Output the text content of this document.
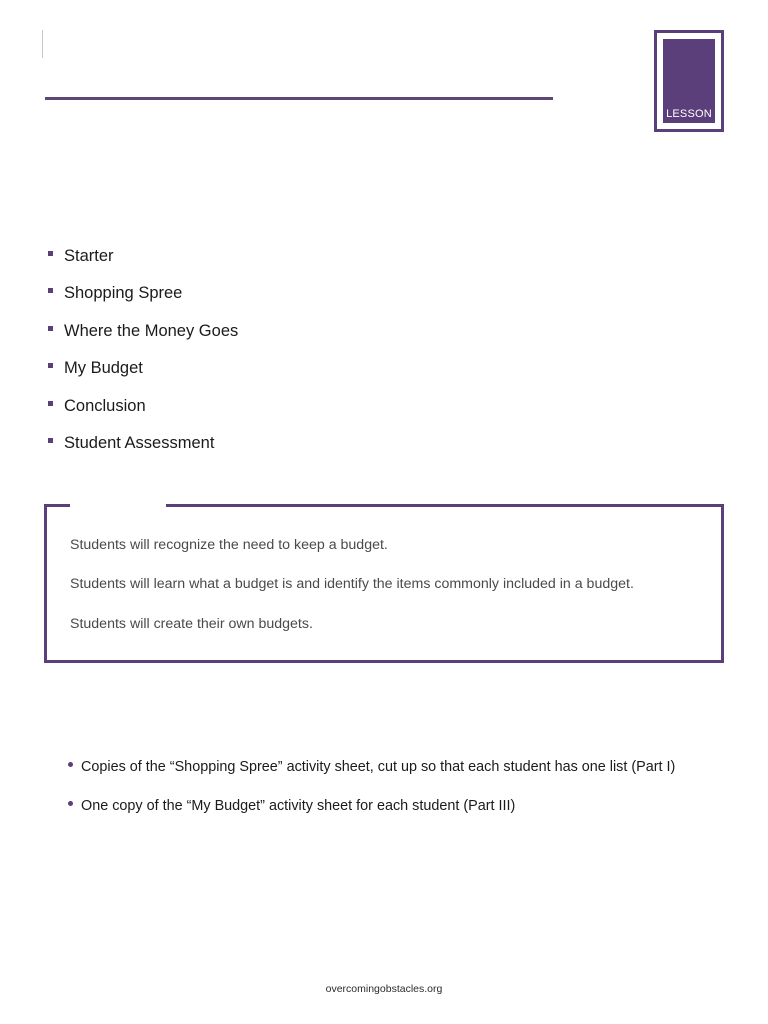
LESSON
Starter
Shopping Spree
Where the Money Goes
My Budget
Conclusion
Student Assessment
Students will recognize the need to keep a budget.
Students will learn what a budget is and identify the items commonly included in a budget.
Students will create their own budgets.
Copies of the “Shopping Spree” activity sheet, cut up so that each student has one list (Part I)
One copy of the “My Budget” activity sheet for each student (Part III)
overcomingobstacles.org
